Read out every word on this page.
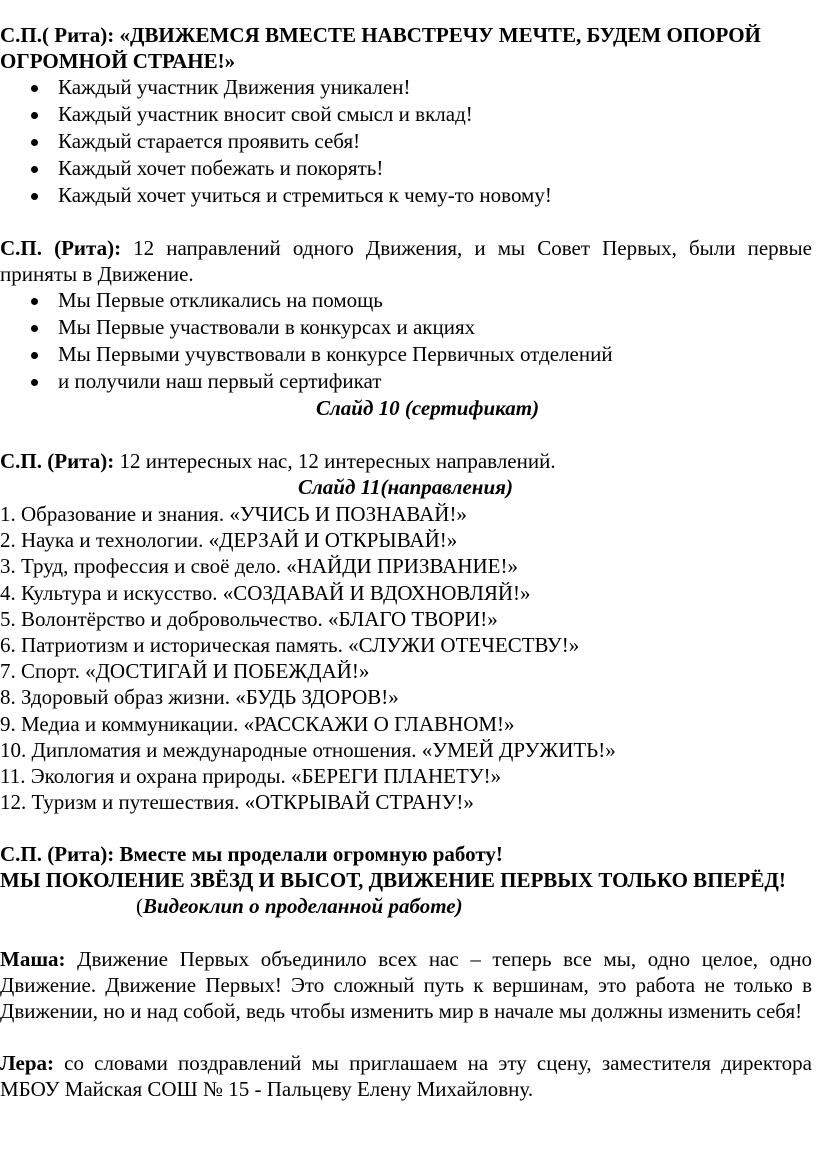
С.П.( Рита): «ДВИЖЕМСЯ ВМЕСТЕ НАВСТРЕЧУ МЕЧТЕ, БУДЕМ ОПОРОЙ ОГРОМНОЙ СТРАНЕ!»

Каждый участник Движения уникален!
Каждый участник вносит свой смысл и вклад!
Каждый старается проявить себя!
Каждый хочет побежать и покорять!
Каждый хочет учиться и стремиться к чему-то новому!

С.П. (Рита): 12 направлений одного Движения, и мы Совет Первых, были первые приняты в Движение.

Мы Первые откликались на помощь
Мы Первые участвовали в конкурсах и акциях
Мы Первыми учувствовали в конкурсе Первичных отделений
и получили наш первый сертификат

Слайд 10 (сертификат)

С.П. (Рита): 12 интересных нас, 12 интересных направлений.

Слайд 11(направления)

1. Образование и знания. «УЧИСЬ И ПОЗНАВАЙ!»

2. Наука и технологии. «ДЕРЗАЙ И ОТКРЫВАЙ!»

3. Труд, профессия и своё дело. «НАЙДИ ПРИЗВАНИЕ!»

4. Культура и искусство. «СОЗДАВАЙ И ВДОХНОВЛЯЙ!»

5. Волонтёрство и добровольчество. «БЛАГО ТВОРИ!»

6. Патриотизм и историческая память. «СЛУЖИ ОТЕЧЕСТВУ!»

7. Спорт. «ДОСТИГАЙ И ПОБЕЖДАЙ!»

8. Здоровый образ жизни. «БУДЬ ЗДОРОВ!»

9. Медиа и коммуникации. «РАССКАЖИ О ГЛАВНОМ!»

10. Дипломатия и международные отношения. «УМЕЙ ДРУЖИТЬ!»

11. Экология и охрана природы. «БЕРЕГИ ПЛАНЕТУ!»

12. Туризм и путешествия. «ОТКРЫВАЙ СТРАНУ!»

С.П. (Рита): Вместе мы проделали огромную работу!

МЫ ПОКОЛЕНИЕ ЗВЁЗД И ВЫСОТ, ДВИЖЕНИЕ ПЕРВЫХ ТОЛЬКО ВПЕРЁД!

(Видеоклип о проделанной работе)

Маша: Движение Первых объединило всех нас – теперь все мы, одно целое, одно Движение. Движение Первых! Это сложный путь к вершинам, это работа не только в Движении, но и над собой, ведь чтобы изменить мир в начале мы должны изменить себя!

Лера: со словами поздравлений мы приглашаем на эту сцену, заместителя директора МБОУ Майская СОШ № 15 - Пальцеву Елену Михайловну.
